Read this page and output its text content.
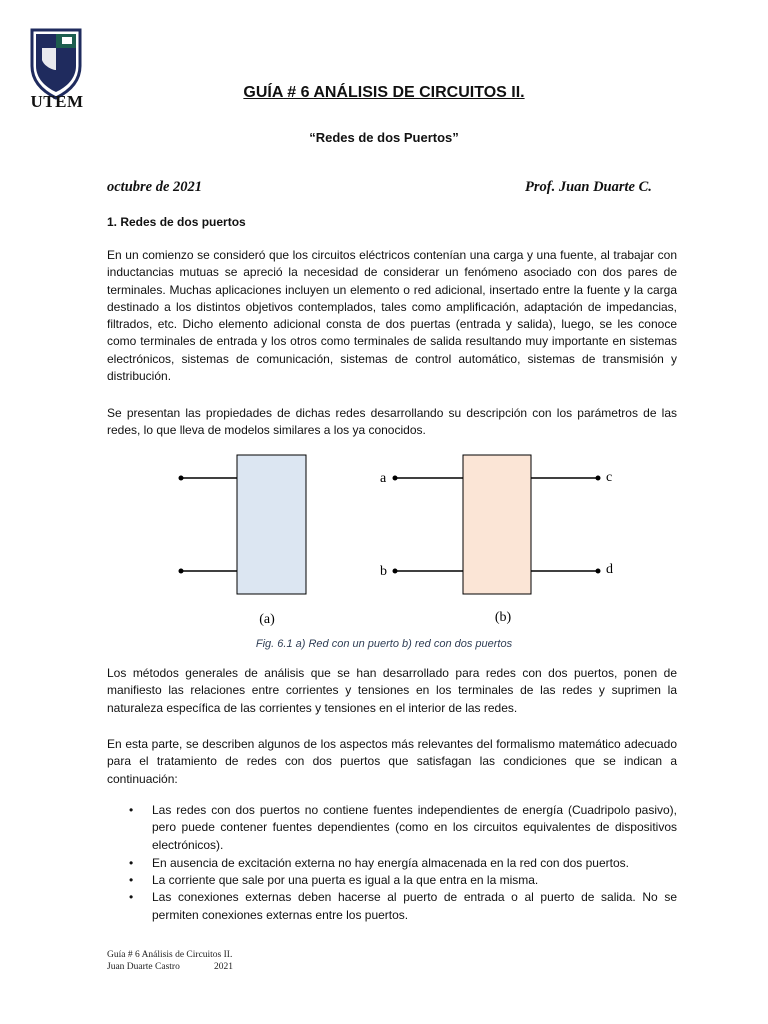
UTEM	GUÍA # 6 ANÁLISIS DE CIRCUITOS II.
“Redes de dos Puertos”
octubre de 2021	Prof. Juan Duarte C.
1. Redes de dos puertos
En un comienzo se consideró que los circuitos eléctricos contenían una carga y una fuente, al trabajar con inductancias mutuas se apreció la necesidad de considerar un fenómeno asociado con dos pares de terminales. Muchas aplicaciones incluyen un elemento o red adicional, insertado entre la fuente y la carga destinado a los distintos objetivos contemplados, tales como amplificación, adaptación de impedancias, filtrados, etc. Dicho elemento adicional consta de dos puertas (entrada y salida), luego, se les conoce como terminales de entrada y los otros como terminales de salida resultando muy importante en sistemas electrónicos, sistemas de comunicación, sistemas de control automático, sistemas de transmisión y distribución.
Se presentan las propiedades de dichas redes desarrollando su descripción con los parámetros de las redes, lo que lleva de modelos similares a los ya conocidos.
(a)
a
b
c
d
(b)
Fig. 6.1 a) Red con un puerto b) red con dos puertos
Los métodos generales de análisis que se han desarrollado para redes con dos puertos, ponen de manifiesto las relaciones entre corrientes y tensiones en los terminales de las redes y suprimen la naturaleza específica de las corrientes y tensiones en el interior de las redes.
En esta parte, se describen algunos de los aspectos más relevantes del formalismo matemático adecuado para el tratamiento de redes con dos puertos que satisfagan las condiciones que se indican a continuación:
• Las redes con dos puertos no contiene fuentes independientes de energía (Cuadripolo pasivo), pero puede contener fuentes dependientes (como en los circuitos equivalentes de dispositivos electrónicos).
• En ausencia de excitación externa no hay energía almacenada en la red con dos puertos.
• La corriente que sale por una puerta es igual a la que entra en la misma.
• Las conexiones externas deben hacerse al puerto de entrada o al puerto de salida. No se permiten conexiones externas entre los puertos.
Guía # 6 Análisis de Circuitos II.
Juan Duarte Castro	2021
